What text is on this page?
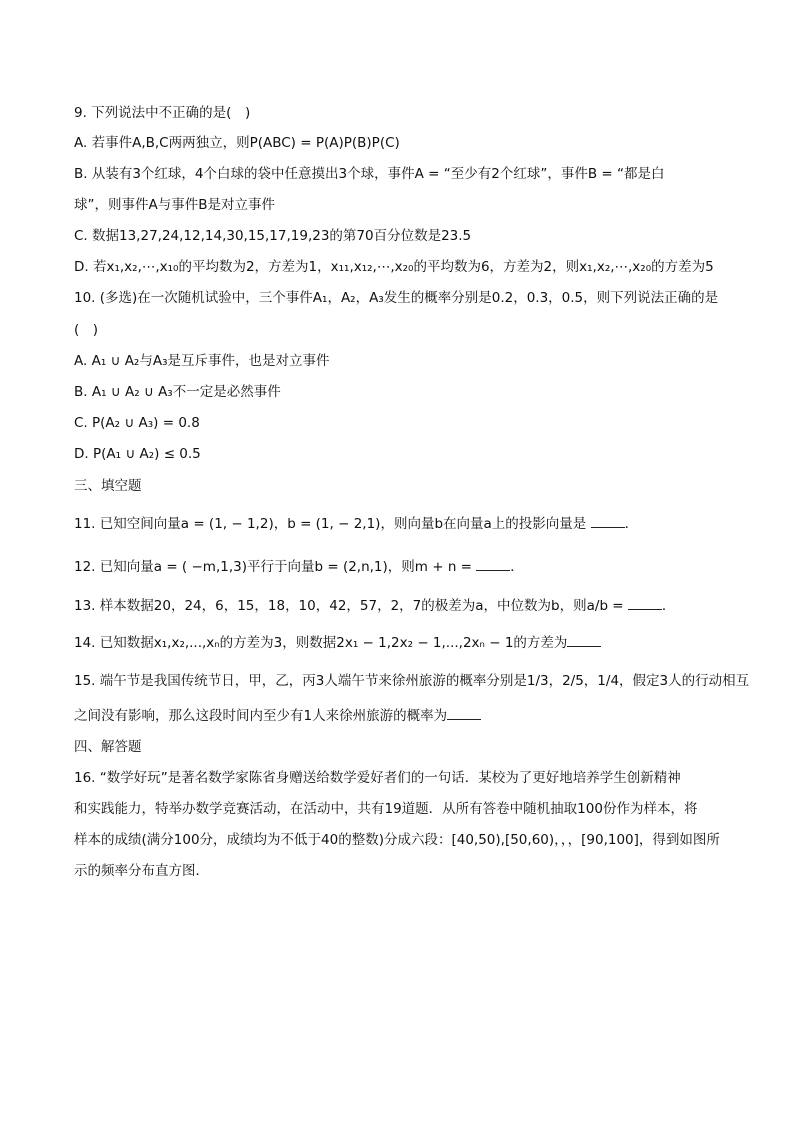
9. 下列说法中不正确的是(　)
A. 若事件A,B,C两两独立，则P(ABC) = P(A)P(B)P(C)
B. 从装有3个红球，4个白球的袋中任意摸出3个球，事件A = “至少有2个红球”，事件B = “都是白
球”，则事件A与事件B是对立事件
C. 数据13,27,24,12,14,30,15,17,19,23的第70百分位数是23.5
D. 若x₁,x₂,⋯,x₁₀的平均数为2，方差为1，x₁₁,x₁₂,⋯,x₂₀的平均数为6，方差为2，则x₁,x₂,⋯,x₂₀的方差为5
10. (多选)在一次随机试验中，三个事件A₁，A₂，A₃发生的概率分别是0.2，0.3，0.5，则下列说法正确的是
(　)
A. A₁ ∪ A₂与A₃是互斥事件，也是对立事件
B. A₁ ∪ A₂ ∪ A₃不一定是必然事件
C. P(A₂ ∪ A₃) = 0.8
D. P(A₁ ∪ A₂) ≤ 0.5
三、填空题
11. 已知空间向量a = (1, − 1,2)，b = (1, − 2,1)，则向量b在向量a上的投影向量是	．
12. 已知向量a = ( −m,1,3)平行于向量b = (2,n,1)，则m + n =	．
13. 样本数据20，24，6，15，18，10，42，57，2，7的极差为a，中位数为b，则a/b =	．
14. 已知数据x₁,x₂,...,xₙ的方差为3，则数据2x₁ − 1,2x₂ − 1,...,2xₙ − 1的方差为
15. 端午节是我国传统节日，甲，乙，丙3人端午节来徐州旅游的概率分别是1/3，2/5，1/4，假定3人的行动相互
之间没有影响，那么这段时间内至少有1人来徐州旅游的概率为
四、解答题
16. “数学好玩”是著名数学家陈省身赠送给数学爱好者们的一句话．某校为了更好地培养学生创新精神
和实践能力，特举办数学竞赛活动，在活动中，共有19道题．从所有答卷中随机抽取100份作为样本，将
样本的成绩(满分100分，成绩均为不低于40的整数)分成六段：[40,50),[50,60)，，，[90,100]，得到如图所
示的频率分布直方图．
